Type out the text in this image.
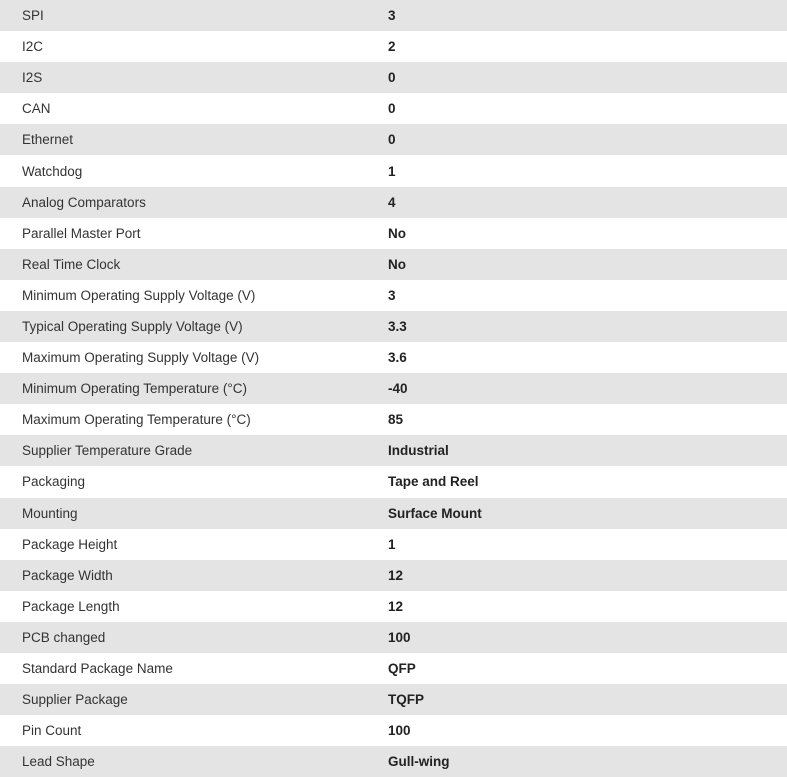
SPI	3
I2C	2
I2S	0
CAN	0
Ethernet	0
Watchdog	1
Analog Comparators	4
Parallel Master Port	No
Real Time Clock	No
Minimum Operating Supply Voltage (V)	3
Typical Operating Supply Voltage (V)	3.3
Maximum Operating Supply Voltage (V)	3.6
Minimum Operating Temperature (°C)	-40
Maximum Operating Temperature (°C)	85
Supplier Temperature Grade	Industrial
Packaging	Tape and Reel
Mounting	Surface Mount
Package Height	1
Package Width	12
Package Length	12
PCB changed	100
Standard Package Name	QFP
Supplier Package	TQFP
Pin Count	100
Lead Shape	Gull-wing
